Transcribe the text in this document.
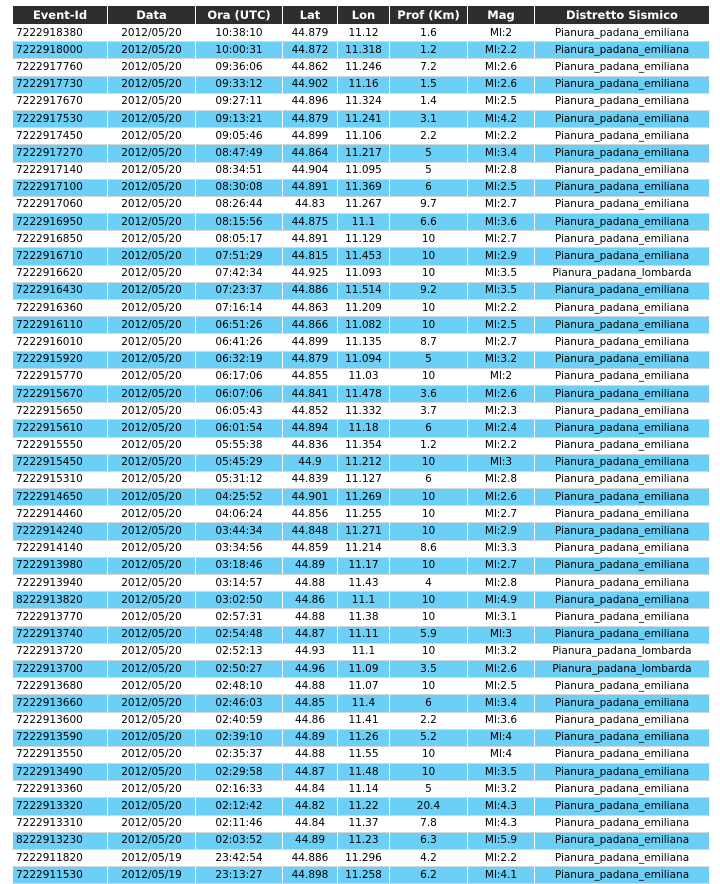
Event-Id	Data	Ora (UTC)	Lat	Lon	Prof (Km)	Mag	Distretto Sismico
7222918380	2012/05/20	10:38:10	44.879	11.12	1.6	Ml:2	Pianura_padana_emiliana
7222918000	2012/05/20	10:00:31	44.872	11.318	1.2	Ml:2.2	Pianura_padana_emiliana
7222917760	2012/05/20	09:36:06	44.862	11.246	7.2	Ml:2.6	Pianura_padana_emiliana
7222917730	2012/05/20	09:33:12	44.902	11.16	1.5	Ml:2.6	Pianura_padana_emiliana
7222917670	2012/05/20	09:27:11	44.896	11.324	1.4	Ml:2.5	Pianura_padana_emiliana
7222917530	2012/05/20	09:13:21	44.879	11.241	3.1	Ml:4.2	Pianura_padana_emiliana
7222917450	2012/05/20	09:05:46	44.899	11.106	2.2	Ml:2.2	Pianura_padana_emiliana
7222917270	2012/05/20	08:47:49	44.864	11.217	5	Ml:3.4	Pianura_padana_emiliana
7222917140	2012/05/20	08:34:51	44.904	11.095	5	Ml:2.8	Pianura_padana_emiliana
7222917100	2012/05/20	08:30:08	44.891	11.369	6	Ml:2.5	Pianura_padana_emiliana
7222917060	2012/05/20	08:26:44	44.83	11.267	9.7	Ml:2.7	Pianura_padana_emiliana
7222916950	2012/05/20	08:15:56	44.875	11.1	6.6	Ml:3.6	Pianura_padana_emiliana
7222916850	2012/05/20	08:05:17	44.891	11.129	10	Ml:2.7	Pianura_padana_emiliana
7222916710	2012/05/20	07:51:29	44.815	11.453	10	Ml:2.9	Pianura_padana_emiliana
7222916620	2012/05/20	07:42:34	44.925	11.093	10	Ml:3.5	Pianura_padana_lombarda
7222916430	2012/05/20	07:23:37	44.886	11.514	9.2	Ml:3.5	Pianura_padana_emiliana
7222916360	2012/05/20	07:16:14	44.863	11.209	10	Ml:2.2	Pianura_padana_emiliana
7222916110	2012/05/20	06:51:26	44.866	11.082	10	Ml:2.5	Pianura_padana_emiliana
7222916010	2012/05/20	06:41:26	44.899	11.135	8.7	Ml:2.7	Pianura_padana_emiliana
7222915920	2012/05/20	06:32:19	44.879	11.094	5	Ml:3.2	Pianura_padana_emiliana
7222915770	2012/05/20	06:17:06	44.855	11.03	10	Ml:2	Pianura_padana_emiliana
7222915670	2012/05/20	06:07:06	44.841	11.478	3.6	Ml:2.6	Pianura_padana_emiliana
7222915650	2012/05/20	06:05:43	44.852	11.332	3.7	Ml:2.3	Pianura_padana_emiliana
7222915610	2012/05/20	06:01:54	44.894	11.18	6	Ml:2.4	Pianura_padana_emiliana
7222915550	2012/05/20	05:55:38	44.836	11.354	1.2	Ml:2.2	Pianura_padana_emiliana
7222915450	2012/05/20	05:45:29	44.9	11.212	10	Ml:3	Pianura_padana_emiliana
7222915310	2012/05/20	05:31:12	44.839	11.127	6	Ml:2.8	Pianura_padana_emiliana
7222914650	2012/05/20	04:25:52	44.901	11.269	10	Ml:2.6	Pianura_padana_emiliana
7222914460	2012/05/20	04:06:24	44.856	11.255	10	Ml:2.7	Pianura_padana_emiliana
7222914240	2012/05/20	03:44:34	44.848	11.271	10	Ml:2.9	Pianura_padana_emiliana
7222914140	2012/05/20	03:34:56	44.859	11.214	8.6	Ml:3.3	Pianura_padana_emiliana
7222913980	2012/05/20	03:18:46	44.89	11.17	10	Ml:2.7	Pianura_padana_emiliana
7222913940	2012/05/20	03:14:57	44.88	11.43	4	Ml:2.8	Pianura_padana_emiliana
8222913820	2012/05/20	03:02:50	44.86	11.1	10	Ml:4.9	Pianura_padana_emiliana
7222913770	2012/05/20	02:57:31	44.88	11.38	10	Ml:3.1	Pianura_padana_emiliana
7222913740	2012/05/20	02:54:48	44.87	11.11	5.9	Ml:3	Pianura_padana_emiliana
7222913720	2012/05/20	02:52:13	44.93	11.1	10	Ml:3.2	Pianura_padana_lombarda
7222913700	2012/05/20	02:50:27	44.96	11.09	3.5	Ml:2.6	Pianura_padana_lombarda
7222913680	2012/05/20	02:48:10	44.88	11.07	10	Ml:2.5	Pianura_padana_emiliana
7222913660	2012/05/20	02:46:03	44.85	11.4	6	Ml:3.4	Pianura_padana_emiliana
7222913600	2012/05/20	02:40:59	44.86	11.41	2.2	Ml:3.6	Pianura_padana_emiliana
7222913590	2012/05/20	02:39:10	44.89	11.26	5.2	Ml:4	Pianura_padana_emiliana
7222913550	2012/05/20	02:35:37	44.88	11.55	10	Ml:4	Pianura_padana_emiliana
7222913490	2012/05/20	02:29:58	44.87	11.48	10	Ml:3.5	Pianura_padana_emiliana
7222913360	2012/05/20	02:16:33	44.84	11.14	5	Ml:3.2	Pianura_padana_emiliana
7222913320	2012/05/20	02:12:42	44.82	11.22	20.4	Ml:4.3	Pianura_padana_emiliana
7222913310	2012/05/20	02:11:46	44.84	11.37	7.8	Ml:4.3	Pianura_padana_emiliana
8222913230	2012/05/20	02:03:52	44.89	11.23	6.3	Ml:5.9	Pianura_padana_emiliana
7222911820	2012/05/19	23:42:54	44.886	11.296	4.2	Ml:2.2	Pianura_padana_emiliana
7222911530	2012/05/19	23:13:27	44.898	11.258	6.2	Ml:4.1	Pianura_padana_emiliana
